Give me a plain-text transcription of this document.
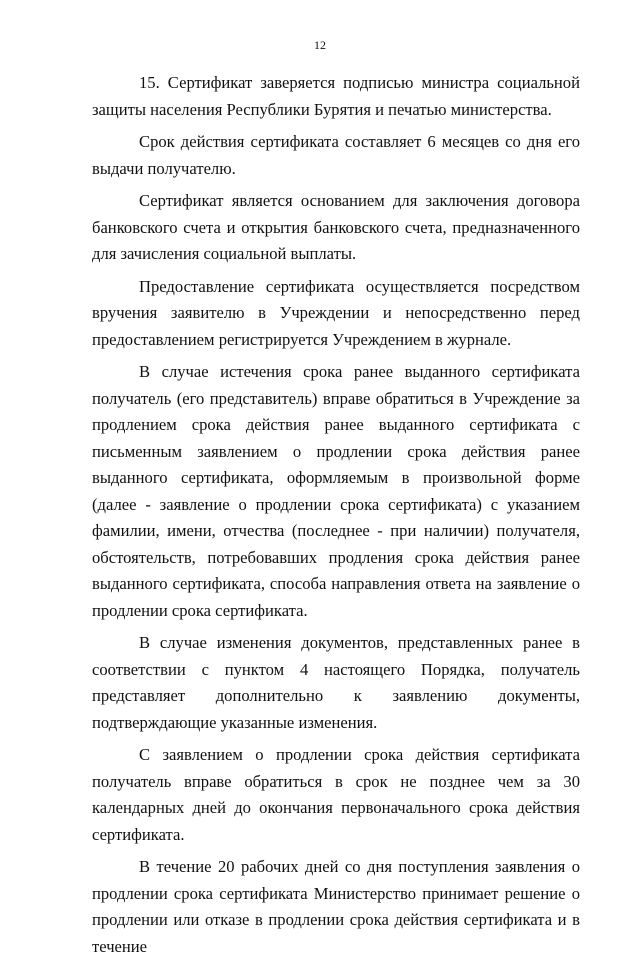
12

15. Сертификат заверяется подписью министра социальной защиты населения Республики Бурятия и печатью министерства.

Срок действия сертификата составляет 6 месяцев со дня его выдачи получателю.

Сертификат является основанием для заключения договора банковского счета и открытия банковского счета, предназначенного для зачисления социальной выплаты.

Предоставление сертификата осуществляется посредством вручения заявителю в Учреждении и непосредственно перед предоставлением регистрируется Учреждением в журнале.

В случае истечения срока ранее выданного сертификата получатель (его представитель) вправе обратиться в Учреждение за продлением срока действия ранее выданного сертификата с письменным заявлением о продлении срока действия ранее выданного сертификата, оформляемым в произвольной форме (далее - заявление о продлении срока сертификата) с указанием фамилии, имени, отчества (последнее - при наличии) получателя, обстоятельств, потребовавших продления срока действия ранее выданного сертификата, способа направления ответа на заявление о продлении срока сертификата.

В случае изменения документов, представленных ранее в соответствии с пунктом 4 настоящего Порядка, получатель представляет дополнительно к заявлению документы, подтверждающие указанные изменения.

С заявлением о продлении срока действия сертификата получатель вправе обратиться в срок не позднее чем за 30 календарных дней до окончания первоначального срока действия сертификата.

В течение 20 рабочих дней со дня поступления заявления о продлении срока сертификата Министерство принимает решение о продлении или отказе в продлении срока действия сертификата и в течение
